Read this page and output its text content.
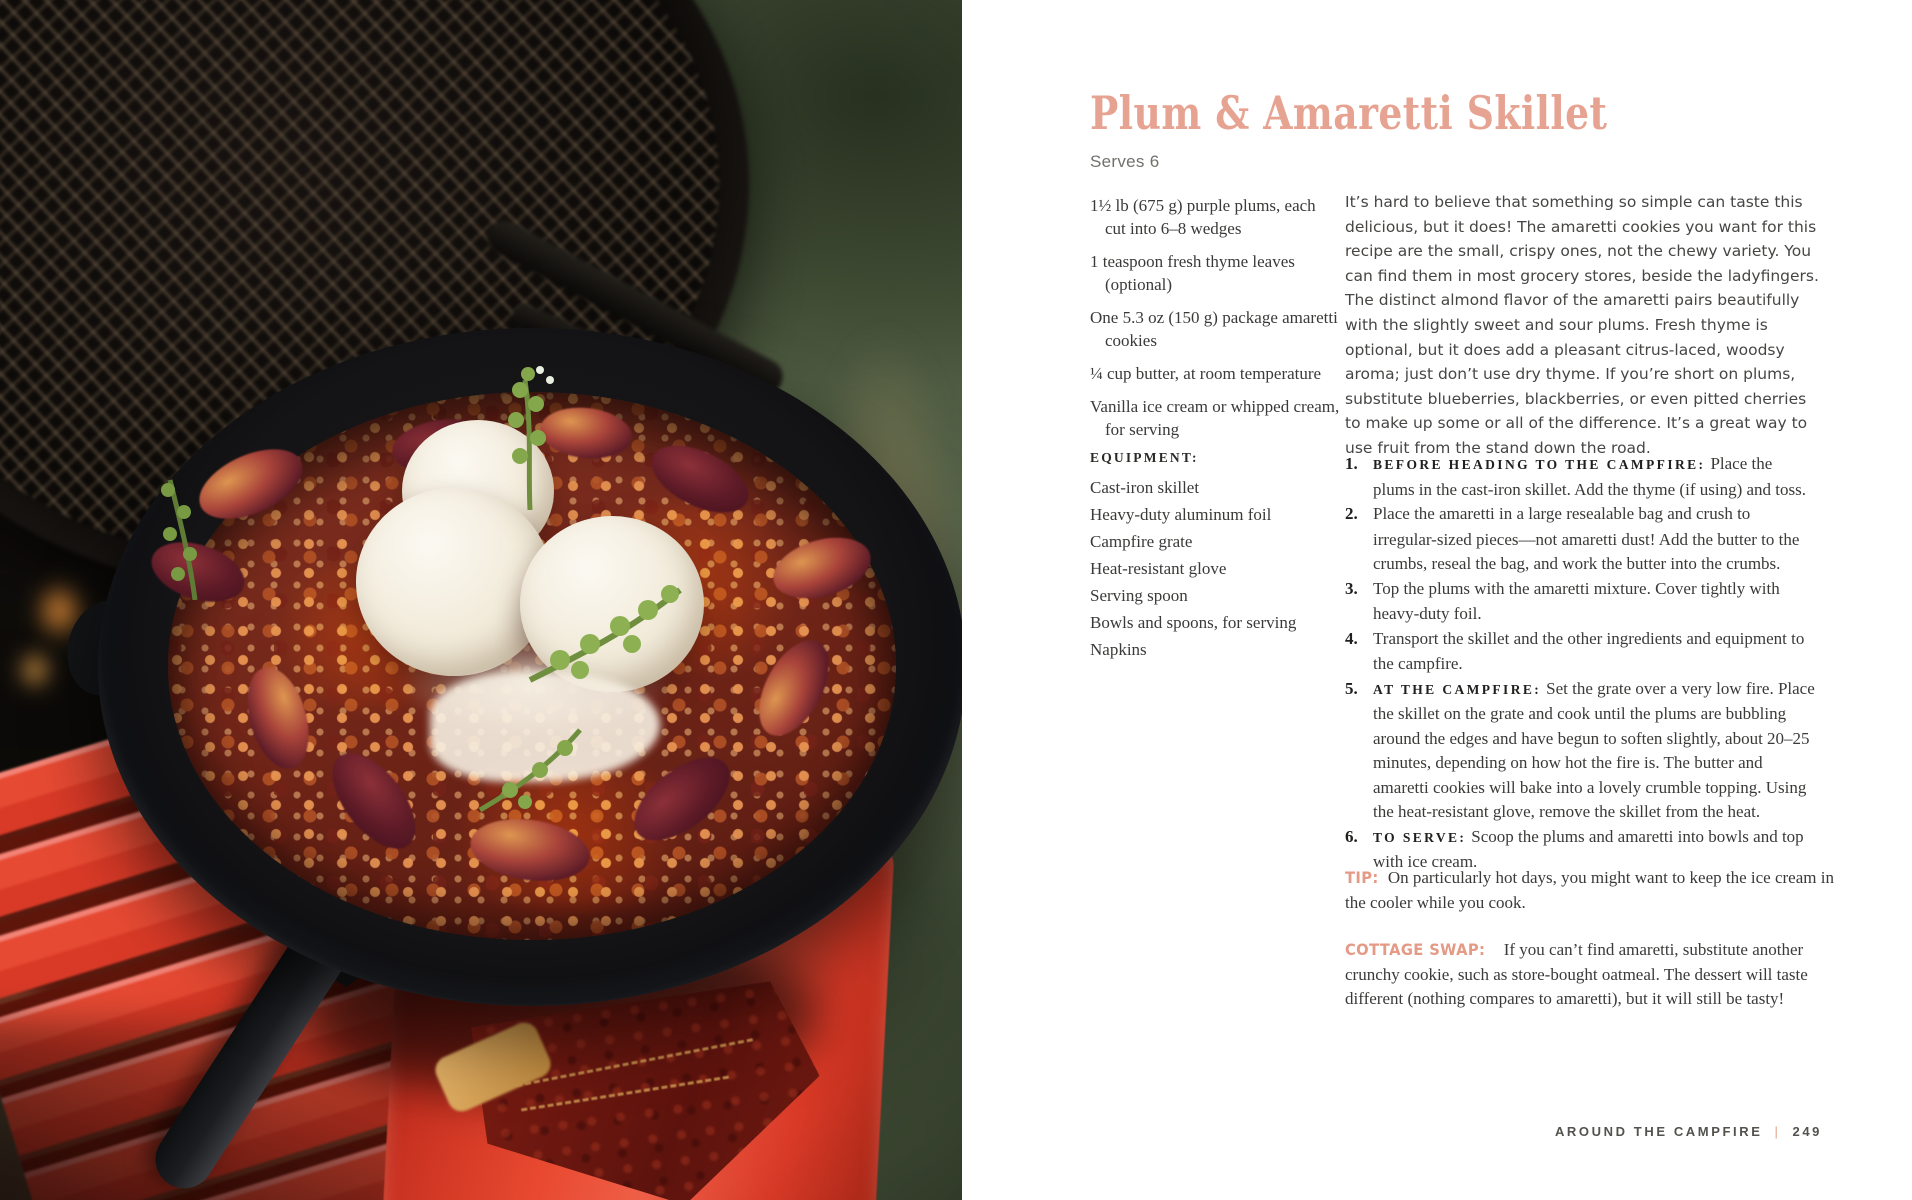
Plum & Amaretti Skillet
Serves 6
1½ lb (675 g) purple plums, each cut into 6–8 wedges
1 teaspoon fresh thyme leaves (optional)
One 5.3 oz (150 g) package amaretti cookies
¼ cup butter, at room temperature
Vanilla ice cream or whipped cream, for serving
EQUIPMENT:
Cast-iron skillet
Heavy-duty aluminum foil
Campfire grate
Heat-resistant glove
Serving spoon
Bowls and spoons, for serving
Napkins

It’s hard to believe that something so simple can taste this delicious, but it does! The amaretti cookies you want for this recipe are the small, crispy ones, not the chewy variety. You can find them in most grocery stores, beside the ladyfingers. The distinct almond flavor of the amaretti pairs beautifully with the slightly sweet and sour plums. Fresh thyme is optional, but it does add a pleasant citrus-laced, woodsy aroma; just don’t use dry thyme. If you’re short on plums, substitute blueberries, blackberries, or even pitted cherries to make up some or all of the difference. It’s a great way to use fruit from the stand down the road.

1. BEFORE HEADING TO THE CAMPFIRE: Place the plums in the cast-iron skillet. Add the thyme (if using) and toss.
2. Place the amaretti in a large resealable bag and crush to irregular-sized pieces—not amaretti dust! Add the butter to the crumbs, reseal the bag, and work the butter into the crumbs.
3. Top the plums with the amaretti mixture. Cover tightly with heavy-duty foil.
4. Transport the skillet and the other ingredients and equipment to the campfire.
5. AT THE CAMPFIRE: Set the grate over a very low fire. Place the skillet on the grate and cook until the plums are bubbling around the edges and have begun to soften slightly, about 20–25 minutes, depending on how hot the fire is. The butter and amaretti cookies will bake into a lovely crumble topping. Using the heat-resistant glove, remove the skillet from the heat.
6. TO SERVE: Scoop the plums and amaretti into bowls and top with ice cream.

TIP: On particularly hot days, you might want to keep the ice cream in the cooler while you cook.

COTTAGE SWAP: If you can’t find amaretti, substitute another crunchy cookie, such as store-bought oatmeal. The dessert will taste different (nothing compares to amaretti), but it will still be tasty!

AROUND THE CAMPFIRE | 249
